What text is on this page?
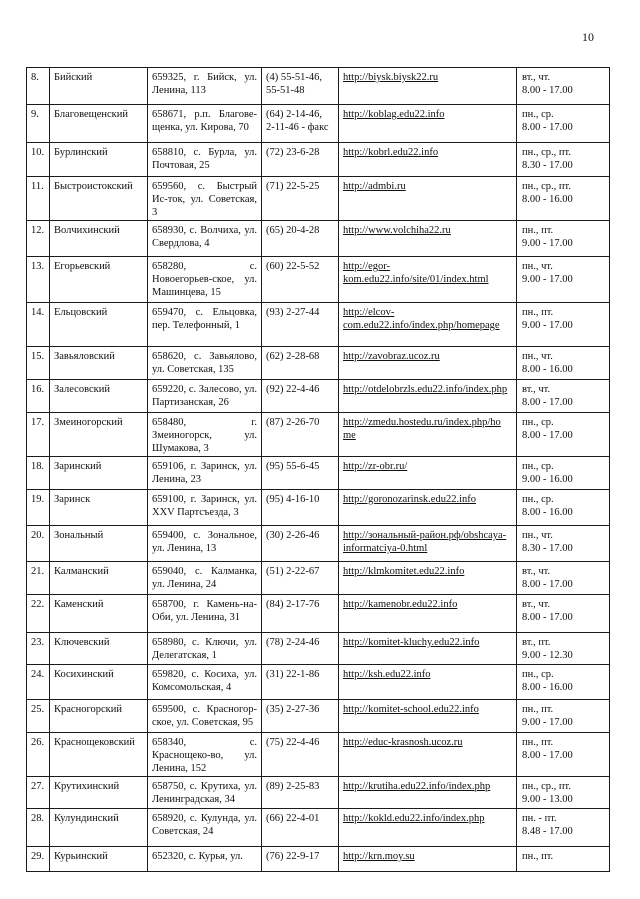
10
8.	Бийский	659325, г. Бийск, ул. Ленина, 113	(4) 55-51-46,
55-51-48	http://biysk.biysk22.ru	вт., чт.
8.00 - 17.00

9.	Благовещенский	658671, р.п. Благове-щенка, ул. Кирова, 70	(64) 2-14-46,
2-11-46 - факс	http://koblag.edu22.info	пн., ср.
8.00 - 17.00

10.	Бурлинский	658810, с. Бурла, ул. Почтовая, 25	(72) 23-6-28	http://kobrl.edu22.info	пн., ср., пт.
8.30 - 17.00

11.	Быстроистокский	659560, с. Быстрый Ис-ток, ул. Советская, 3	(71) 22-5-25	http://admbi.ru	пн., ср., пт.
8.00 - 16.00

12.	Волчихинский	658930, с. Волчиха, ул. Свердлова, 4	(65) 20-4-28	http://www.volchiha22.ru	пн., пт.
9.00 - 17.00

13.	Егорьевский	658280, с. Новоегорьев-ское, ул. Машинцева, 15	(60) 22-5-52	http://egor-
kom.edu22.info/site/01/index.html	пн., чт.
9.00 - 17.00

14.	Ельцовский	659470, с. Ельцовка, пер. Телефонный, 1	(93) 2-27-44	http://elcov-
com.edu22.info/index.php/homepage	пн., пт.
9.00 - 17.00

15.	Завьяловский	658620, с. Завьялово, ул. Советская, 135	(62) 2-28-68	http://zavobraz.ucoz.ru	пн., чт.
8.00 - 16.00

16.	Залесовский	659220, с. Залесово, ул. Партизанская, 26	(92) 22-4-46	http://otdelobrzls.edu22.info/index.php	вт., чт.
8.00 - 17.00

17.	Змеиногорский	658480, г. Змеиногорск, ул. Шумакова, 3	(87) 2-26-70	http://zmedu.hostedu.ru/index.php/ho
me	пн., ср.
8.00 - 17.00

18.	Заринский	659106, г. Заринск, ул. Ленина, 23	(95) 55-6-45	http://zr-obr.ru/	пн., ср.
9.00 - 16.00

19.	Заринск	659100, г. Заринск, ул. XXV Партсъезда, 3	(95) 4-16-10	http://goronozarinsk.edu22.info	пн., ср.
8.00 - 16.00

20.	Зональный	659400, с. Зональное, ул. Ленина, 13	(30) 2-26-46	http://зональный-район.рф/obshcaya-
informatciya-0.html	пн., чт.
8.30 - 17.00

21.	Калманский	659040, с. Калманка, ул. Ленина, 24	(51) 2-22-67	http://klmkomitet.edu22.info	вт., чт.
8.00 - 17.00

22.	Каменский	658700, г. Камень-на-Оби, ул. Ленина, 31	(84) 2-17-76	http://kamenobr.edu22.info	вт., чт.
8.00 - 17.00

23.	Ключевский	658980, с. Ключи, ул. Делегатская, 1	(78) 2-24-46	http://komitet-kluchy.edu22.info	вт., пт.
9.00 - 12.30

24.	Косихинский	659820, с. Косиха, ул. Комсомольская, 4	(31) 22-1-86	http://ksh.edu22.info	пн., ср.
8.00 - 16.00

25.	Красногорский	659500, с. Красногор-ское, ул. Советская, 95	(35) 2-27-36	http://komitet-school.edu22.info	пн., пт.
9.00 - 17.00

26.	Краснощековский	658340, с. Краснощеко-во, ул. Ленина, 152	(75) 22-4-46	http://educ-krasnosh.ucoz.ru	пн., пт.
8.00 - 17.00

27.	Крутихинский	658750, с. Крутиха, ул. Ленинградская, 34	(89) 2-25-83	http://krutiha.edu22.info/index.php	пн., ср., пт.
9.00 - 13.00

28.	Кулундинский	658920, с. Кулунда, ул. Советская, 24	(66) 22-4-01	http://kokld.edu22.info/index.php	пн. - пт.
8.48 - 17.00

29.	Курьинский	652320, с. Курья, ул.	(76) 22-9-17	http://krn.moy.su	пн., пт.
